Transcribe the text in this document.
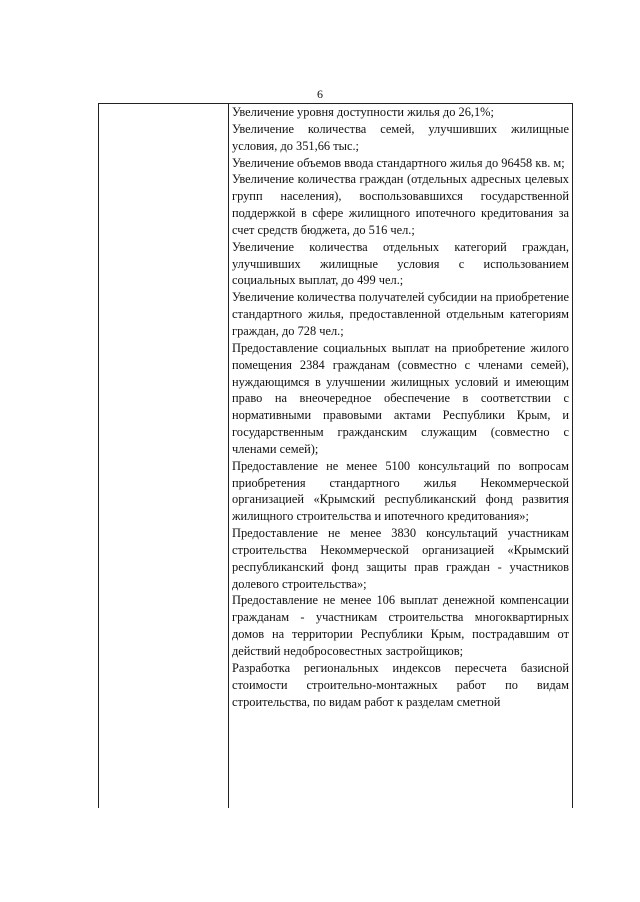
6

Увеличение уровня доступности жилья до 26,1%;

Увеличение количества семей, улучшивших жилищные условия, до 351,66 тыс.;

Увеличение объемов ввода стандартного жилья до 96458 кв. м;

Увеличение количества граждан (отдельных адресных целевых групп населения), воспользовавшихся государственной поддержкой в сфере жилищного ипотечного кредитования за счет средств бюджета, до 516 чел.;

Увеличение количества отдельных категорий граждан, улучшивших жилищные условия с использованием социальных выплат, до 499 чел.;

Увеличение количества получателей субсидии на приобретение стандартного жилья, предоставленной отдельным категориям граждан, до 728 чел.;

Предоставление социальных выплат на приобретение жилого помещения 2384 гражданам (совместно с членами семей), нуждающимся в улучшении жилищных условий и имеющим право на внеочередное обеспечение в соответствии с нормативными правовыми актами Республики Крым, и государственным гражданским служащим (совместно с членами семей);

Предоставление не менее 5100 консультаций по вопросам приобретения стандартного жилья Некоммерческой организацией «Крымский республиканский фонд развития жилищного строительства и ипотечного кредитования»;

Предоставление не менее 3830 консультаций участникам строительства Некоммерческой организацией «Крымский республиканский фонд защиты прав граждан - участников долевого строительства»;

Предоставление не менее 106 выплат денежной компенсации гражданам - участникам строительства многоквартирных домов на территории Республики Крым, пострадавшим от действий недобросовестных застройщиков;

Разработка региональных индексов пересчета базисной стоимости строительно-монтажных работ по видам строительства, по видам работ к разделам сметной
